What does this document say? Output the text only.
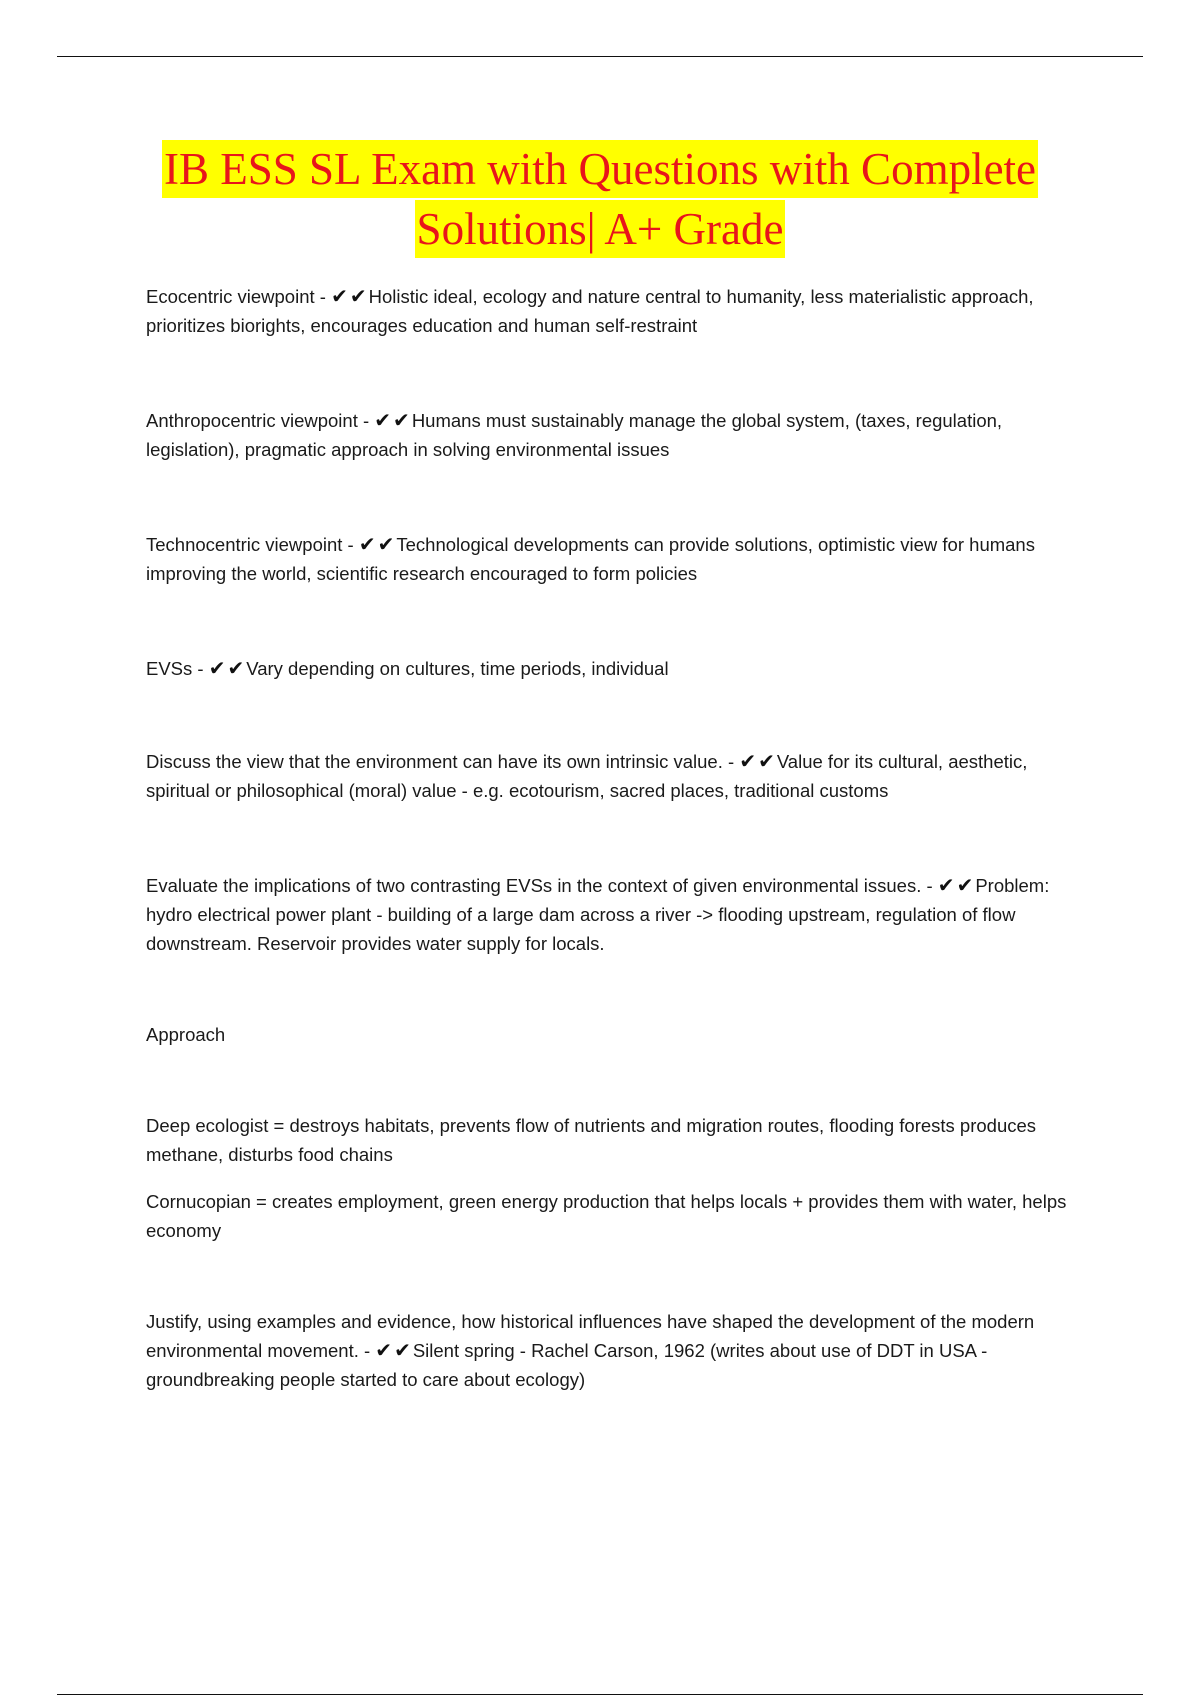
IB ESS SL Exam with Questions with Complete
Solutions| A+ Grade

Ecocentric viewpoint - ✔ ✔ Holistic ideal, ecology and nature central to humanity, less materialistic approach, prioritizes biorights, encourages education and human self-restraint

Anthropocentric viewpoint - ✔ ✔ Humans must sustainably manage the global system, (taxes, regulation, legislation), pragmatic approach in solving environmental issues

Technocentric viewpoint - ✔ ✔ Technological developments can provide solutions, optimistic view for humans improving the world, scientific research encouraged to form policies

EVSs - ✔ ✔ Vary depending on cultures, time periods, individual

Discuss the view that the environment can have its own intrinsic value. - ✔ ✔ Value for its cultural, aesthetic, spiritual or philosophical (moral) value - e.g. ecotourism, sacred places, traditional customs

Evaluate the implications of two contrasting EVSs in the context of given environmental issues. - ✔ ✔ Problem: hydro electrical power plant - building of a large dam across a river -> flooding upstream, regulation of flow downstream. Reservoir provides water supply for locals.

Approach

Deep ecologist = destroys habitats, prevents flow of nutrients and migration routes, flooding forests produces methane, disturbs food chains

Cornucopian = creates employment, green energy production that helps locals + provides them with water, helps economy

Justify, using examples and evidence, how historical influences have shaped the development of the modern environmental movement. - ✔ ✔ Silent spring - Rachel Carson, 1962 (writes about use of DDT in USA - groundbreaking people started to care about ecology)
